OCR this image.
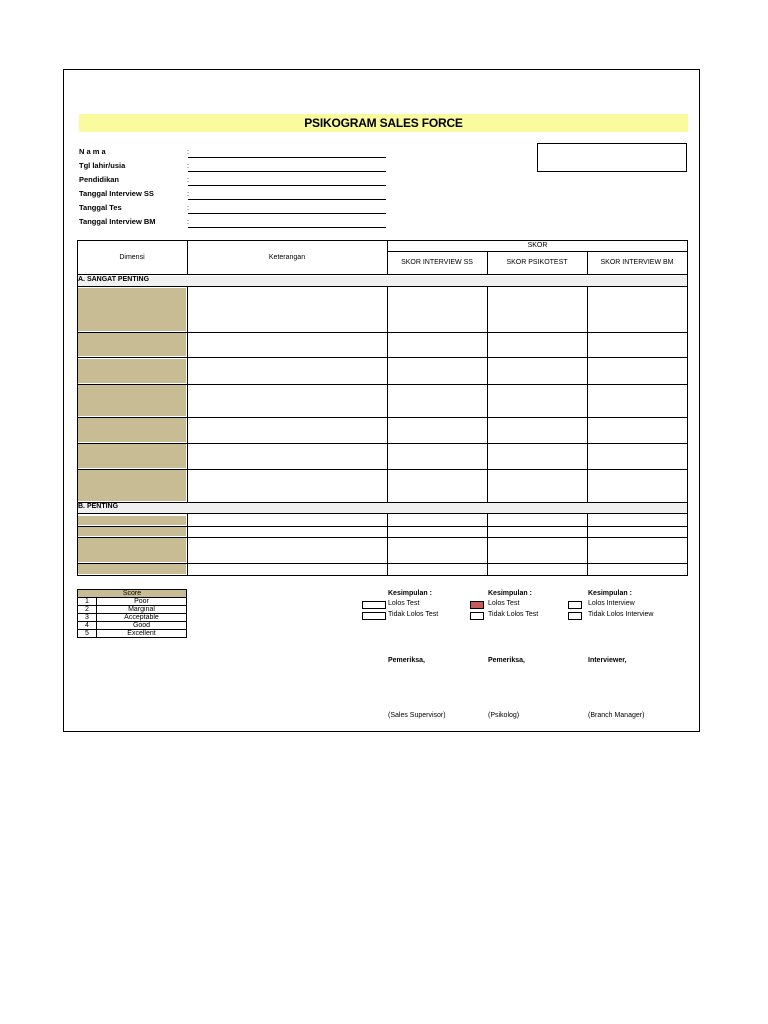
PSIKOGRAM SALES FORCE
N a m a	:
Tgl lahir/usia	:
Pendidikan	:
Tanggal Interview SS	:
Tanggal Tes	:
Tanggal Interview BM	:
Dimensi	Keterangan
SKOR
SKOR INTERVIEW SS	SKOR PSIKOTEST	SKOR INTERVIEW BM
A. SANGAT PENTING
B. PENTING
Score	
1	Poor
2	Marginal
3	Acceptable
4	Good
5	Excellent
Kesimpulan :
Lolos Test
Tidak Lolos Test
Kesimpulan :
Lolos Test
Tidak Lolos Test
Kesimpulan :
Lolos Interview
Tidak Lolos Interview
Pemeriksa,	Pemeriksa,	Interviewer,
(Sales Supervisor)	(Psikolog)	(Branch Manager)
